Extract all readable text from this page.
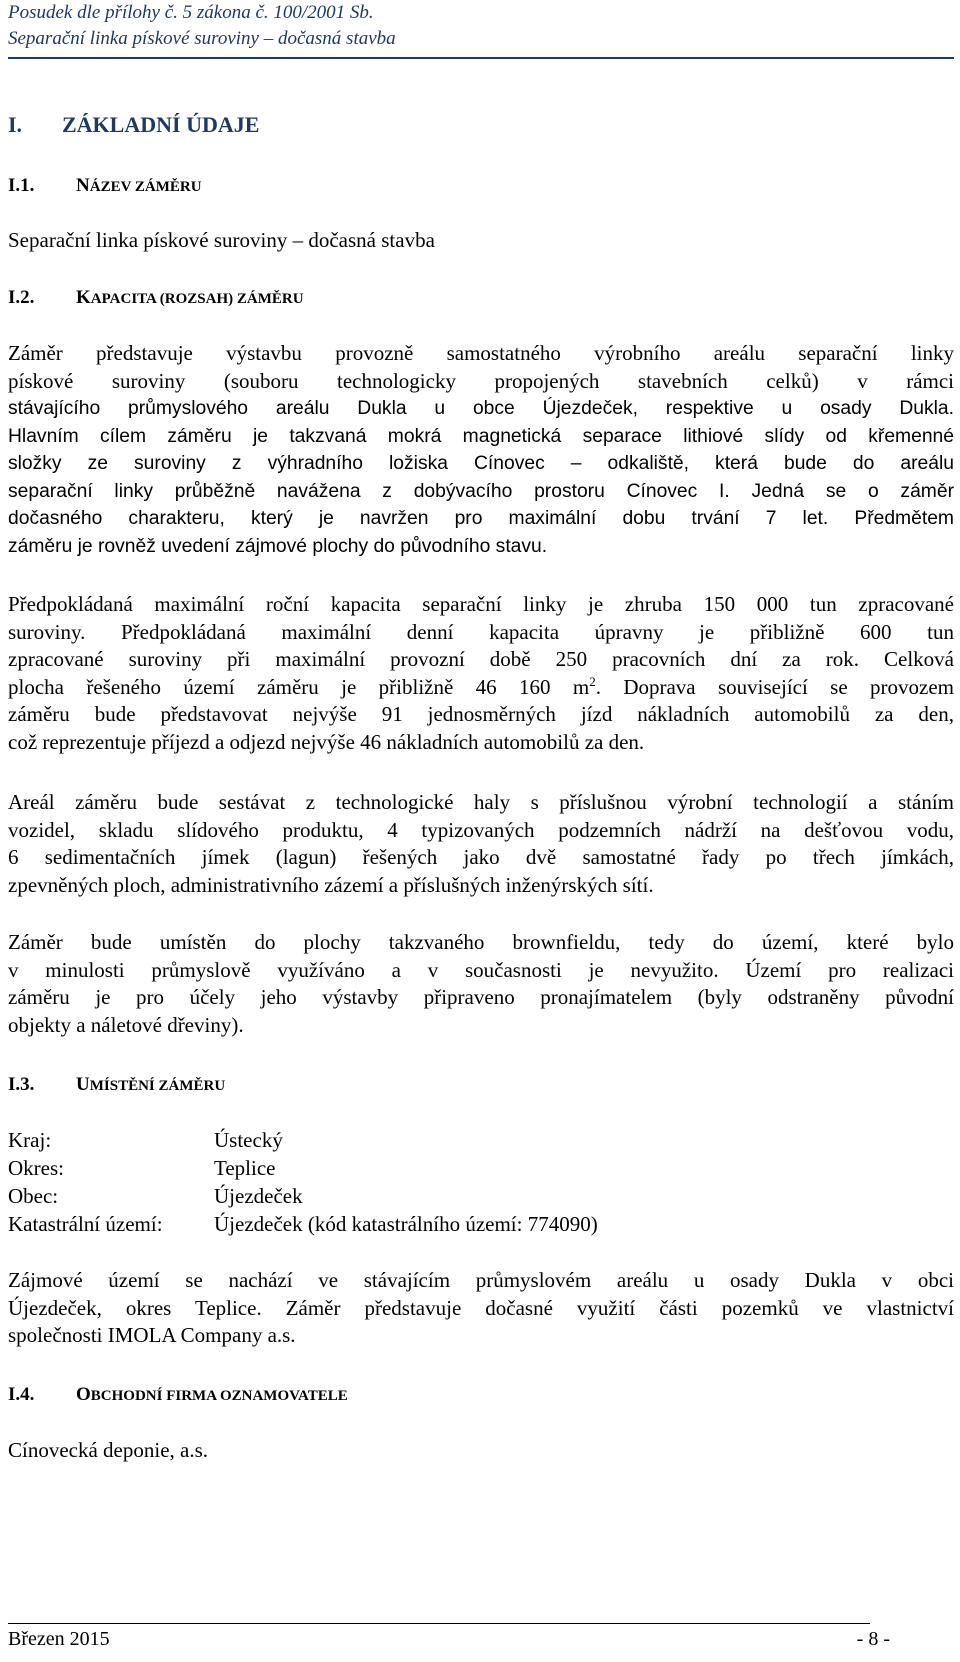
Posudek dle přílohy č. 5 zákona č. 100/2001 Sb.
Separační linka pískové suroviny – dočasná stavba
I. ZÁKLADNÍ ÚDAJE
I.1. NÁZEV ZÁMĚRU
Separační linka pískové suroviny – dočasná stavba
I.2. KAPACITA (ROZSAH) ZÁMĚRU
Záměr představuje výstavbu provozně samostatného výrobního areálu separační linky
pískové suroviny (souboru technologicky propojených stavebních celků) v rámci
stávajícího průmyslového areálu Dukla u obce Újezdeček, respektive u osady Dukla.
Hlavním cílem záměru je takzvaná mokrá magnetická separace lithiové slídy od křemenné
složky ze suroviny z výhradního ložiska Cínovec – odkaliště, která bude do areálu
separační linky průběžně navážena z dobývacího prostoru Cínovec I. Jedná se o záměr
dočasného charakteru, který je navržen pro maximální dobu trvání 7 let. Předmětem
záměru je rovněž uvedení zájmové plochy do původního stavu.
Předpokládaná maximální roční kapacita separační linky je zhruba 150 000 tun zpracované
suroviny. Předpokládaná maximální denní kapacita úpravny je přibližně 600 tun
zpracované suroviny při maximální provozní době 250 pracovních dní za rok. Celková
plocha řešeného území záměru je přibližně 46 160 $m^2$. Doprava související se provozem
záměru bude představovat nejvýše 91 jednosměrných jízd nákladních automobilů za den,
což reprezentuje příjezd a odjezd nejvýše 46 nákladních automobilů za den.
Areál záměru bude sestávat z technologické haly s příslušnou výrobní technologií a stáním
vozidel, skladu slídového produktu, 4 typizovaných podzemních nádrží na dešťovou vodu,
6 sedimentačních jímek (lagun) řešených jako dvě samostatné řady po třech jímkách,
zpevněných ploch, administrativního zázemí a příslušných inženýrských sítí.
Záměr bude umístěn do plochy takzvaného brownfieldu, tedy do území, které bylo
v minulosti průmyslově využíváno a v současnosti je nevyužito. Území pro realizaci
záměru je pro účely jeho výstavby připraveno pronajímatelem (byly odstraněny původní
objekty a náletové dřeviny).
I.3. UMÍSTĚNÍ ZÁMĚRU
Kraj:	Ústecký
Okres:	Teplice
Obec:	Újezdeček
Katastrální území:	Újezdeček (kód katastrálního území: 774090)
Zájmové území se nachází ve stávajícím průmyslovém areálu u osady Dukla v obci
Újezdeček, okres Teplice. Záměr představuje dočasné využití části pozemků ve vlastnictví
společnosti IMOLA Company a.s.
I.4. OBCHODNÍ FIRMA OZNAMOVATELE
Cínovecká deponie, a.s.
Březen 2015	- 8 -
